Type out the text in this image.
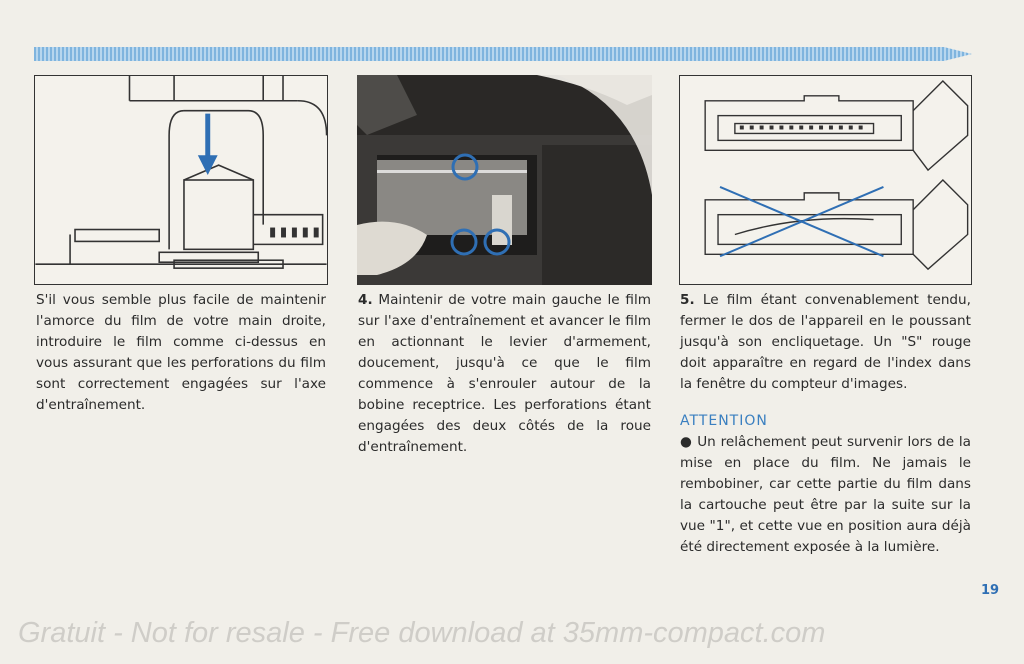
S'il vous semble plus facile de maintenir l'amorce du film de votre main droite, introduire le film comme ci-dessus en vous assurant que les perforations du film sont correctement engagées sur l'axe d'entraînement.

4. Maintenir de votre main gauche le film sur l'axe d'entraînement et avancer le film en actionnant le levier d'armement, doucement, jusqu'à ce que le film commence à s'enrouler autour de la bobine receptrice. Les perforations étant engagées des deux côtés de la roue d'entraînement.

5. Le film étant convenablement tendu, fermer le dos de l'appareil en le poussant jusqu'à son encliquetage. Un "S" rouge doit apparaître en regard de l'index dans la fenêtre du compteur d'images.

ATTENTION

● Un relâchement peut survenir lors de la mise en place du film. Ne jamais le rembobiner, car cette partie du film dans la cartouche peut être par la suite sur la vue "1", et cette vue en position aura déjà été directement exposée à la lumière.

19
Gratuit - Not for resale - Free download at 35mm-compact.com
